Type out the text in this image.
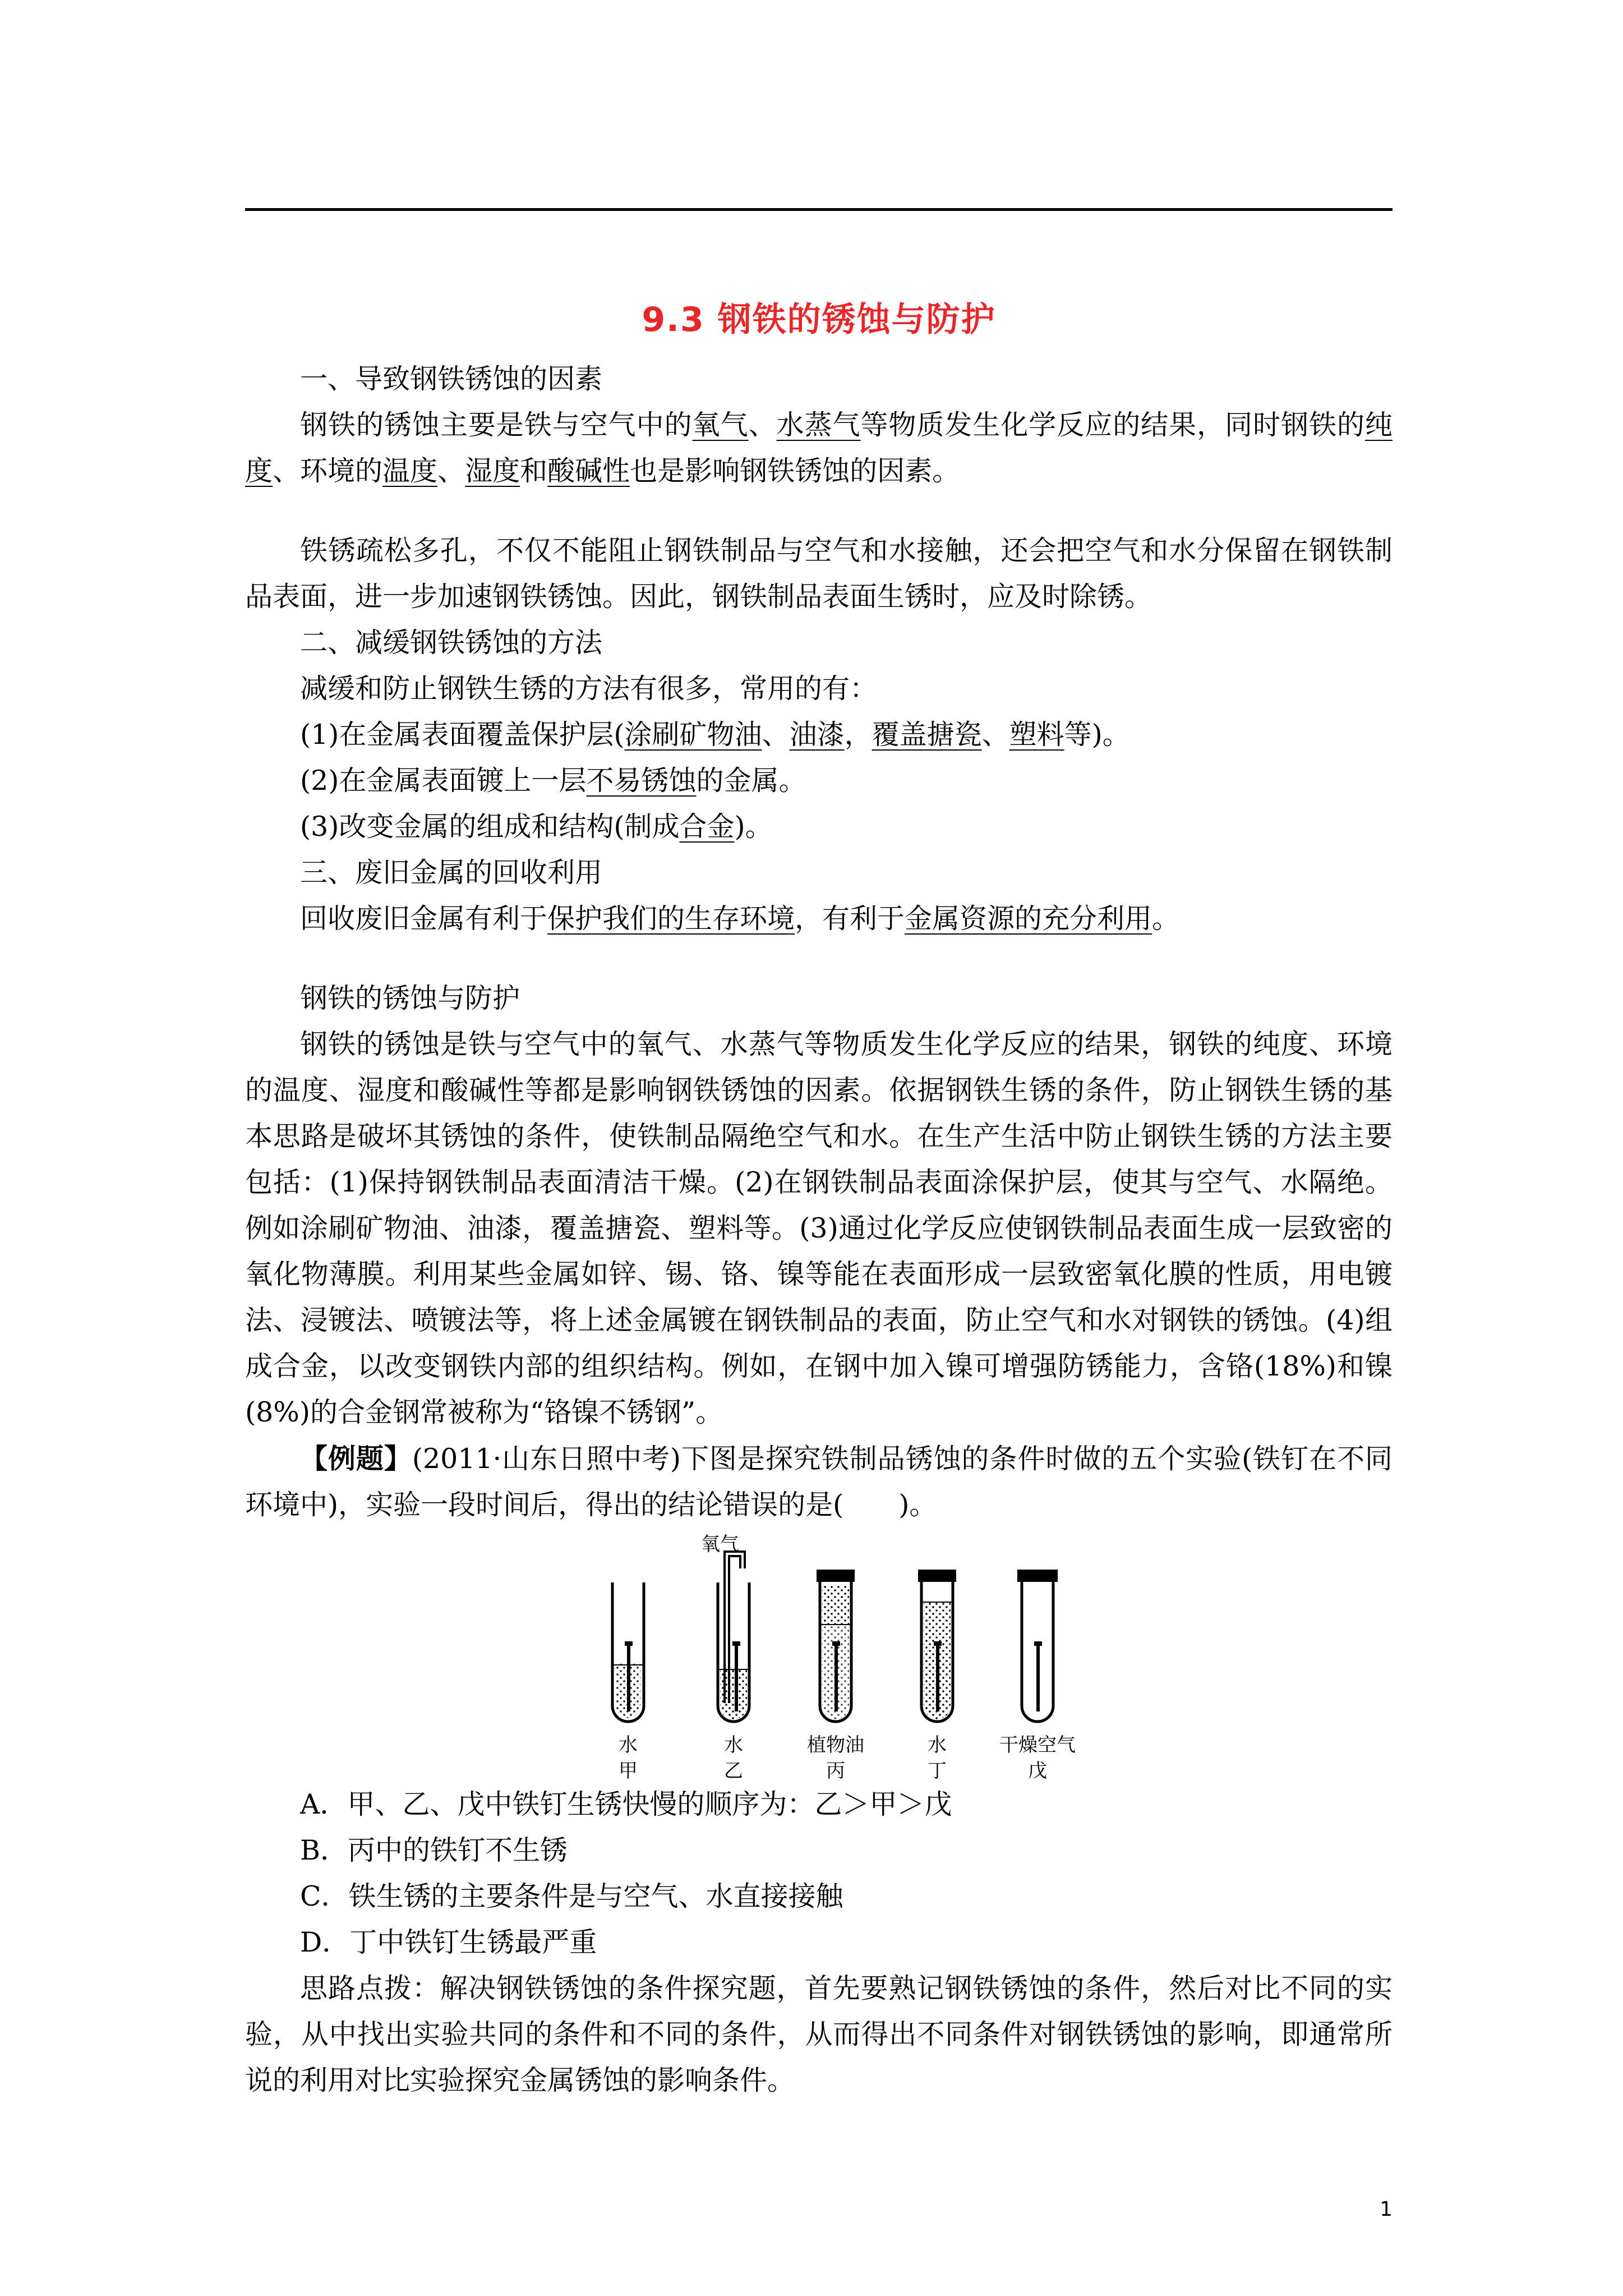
9.3 钢铁的锈蚀与防护

一、导致钢铁锈蚀的因素

钢铁的锈蚀主要是铁与空气中的氧气、水蒸气等物质发生化学反应的结果，同时钢铁的纯度、环境的温度、湿度和酸碱性也是影响钢铁锈蚀的因素。

铁锈疏松多孔，不仅不能阻止钢铁制品与空气和水接触，还会把空气和水分保留在钢铁制品表面，进一步加速钢铁锈蚀。因此，钢铁制品表面生锈时，应及时除锈。

二、减缓钢铁锈蚀的方法

减缓和防止钢铁生锈的方法有很多，常用的有：

(1)在金属表面覆盖保护层(涂刷矿物油、油漆，覆盖搪瓷、塑料等)。

(2)在金属表面镀上一层不易锈蚀的金属。

(3)改变金属的组成和结构(制成合金)。

三、废旧金属的回收利用

回收废旧金属有利于保护我们的生存环境，有利于金属资源的充分利用。

钢铁的锈蚀与防护

钢铁的锈蚀是铁与空气中的氧气、水蒸气等物质发生化学反应的结果，钢铁的纯度、环境的温度、湿度和酸碱性等都是影响钢铁锈蚀的因素。依据钢铁生锈的条件，防止钢铁生锈的基本思路是破坏其锈蚀的条件，使铁制品隔绝空气和水。在生产生活中防止钢铁生锈的方法主要包括：(1)保持钢铁制品表面清洁干燥。(2)在钢铁制品表面涂保护层，使其与空气、水隔绝。例如涂刷矿物油、油漆，覆盖搪瓷、塑料等。(3)通过化学反应使钢铁制品表面生成一层致密的氧化物薄膜。利用某些金属如锌、锡、铬、镍等能在表面形成一层致密氧化膜的性质，用电镀法、浸镀法、喷镀法等，将上述金属镀在钢铁制品的表面，防止空气和水对钢铁的锈蚀。(4)组成合金，以改变钢铁内部的组织结构。例如，在钢中加入镍可增强防锈能力，含铬(18%)和镍(8%)的合金钢常被称为“铬镍不锈钢”。

【例题】(2011·山东日照中考)下图是探究铁制品锈蚀的条件时做的五个实验(铁钉在不同环境中)，实验一段时间后，得出的结论错误的是(　　)。

氧气
水	水	植物油	水	干燥空气
甲	乙	丙	丁	戊

A．甲、乙、戊中铁钉生锈快慢的顺序为：乙＞甲＞戊

B．丙中的铁钉不生锈

C．铁生锈的主要条件是与空气、水直接接触

D．丁中铁钉生锈最严重

思路点拨：解决钢铁锈蚀的条件探究题，首先要熟记钢铁锈蚀的条件，然后对比不同的实验，从中找出实验共同的条件和不同的条件，从而得出不同条件对钢铁锈蚀的影响，即通常所说的利用对比实验探究金属锈蚀的影响条件。

1
